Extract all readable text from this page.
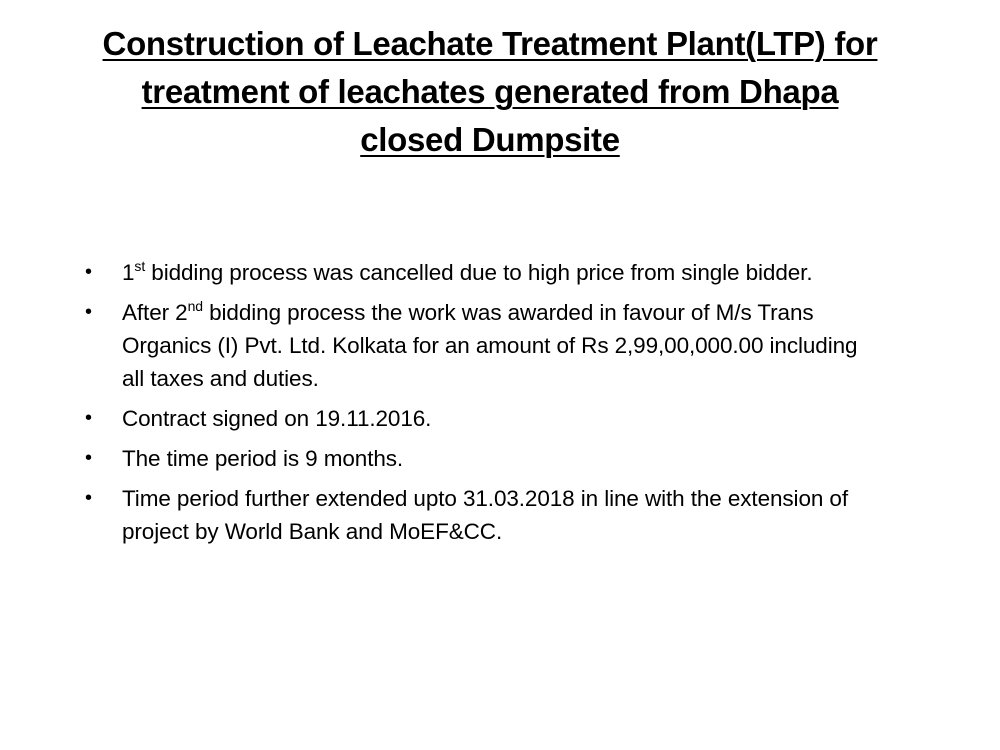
Construction of Leachate Treatment Plant(LTP) for
treatment of leachates generated from Dhapa
closed Dumpsite
• 1st bidding process was cancelled due to high price from single bidder.
• After 2nd bidding process the work was awarded in favour of M/s Trans Organics (I) Pvt. Ltd. Kolkata for an amount of Rs 2,99,00,000.00 including all taxes and duties.
• Contract signed on 19.11.2016.
• The time period is 9 months.
• Time period further extended upto 31.03.2018 in line with the extension of project by World Bank and MoEF&CC.
